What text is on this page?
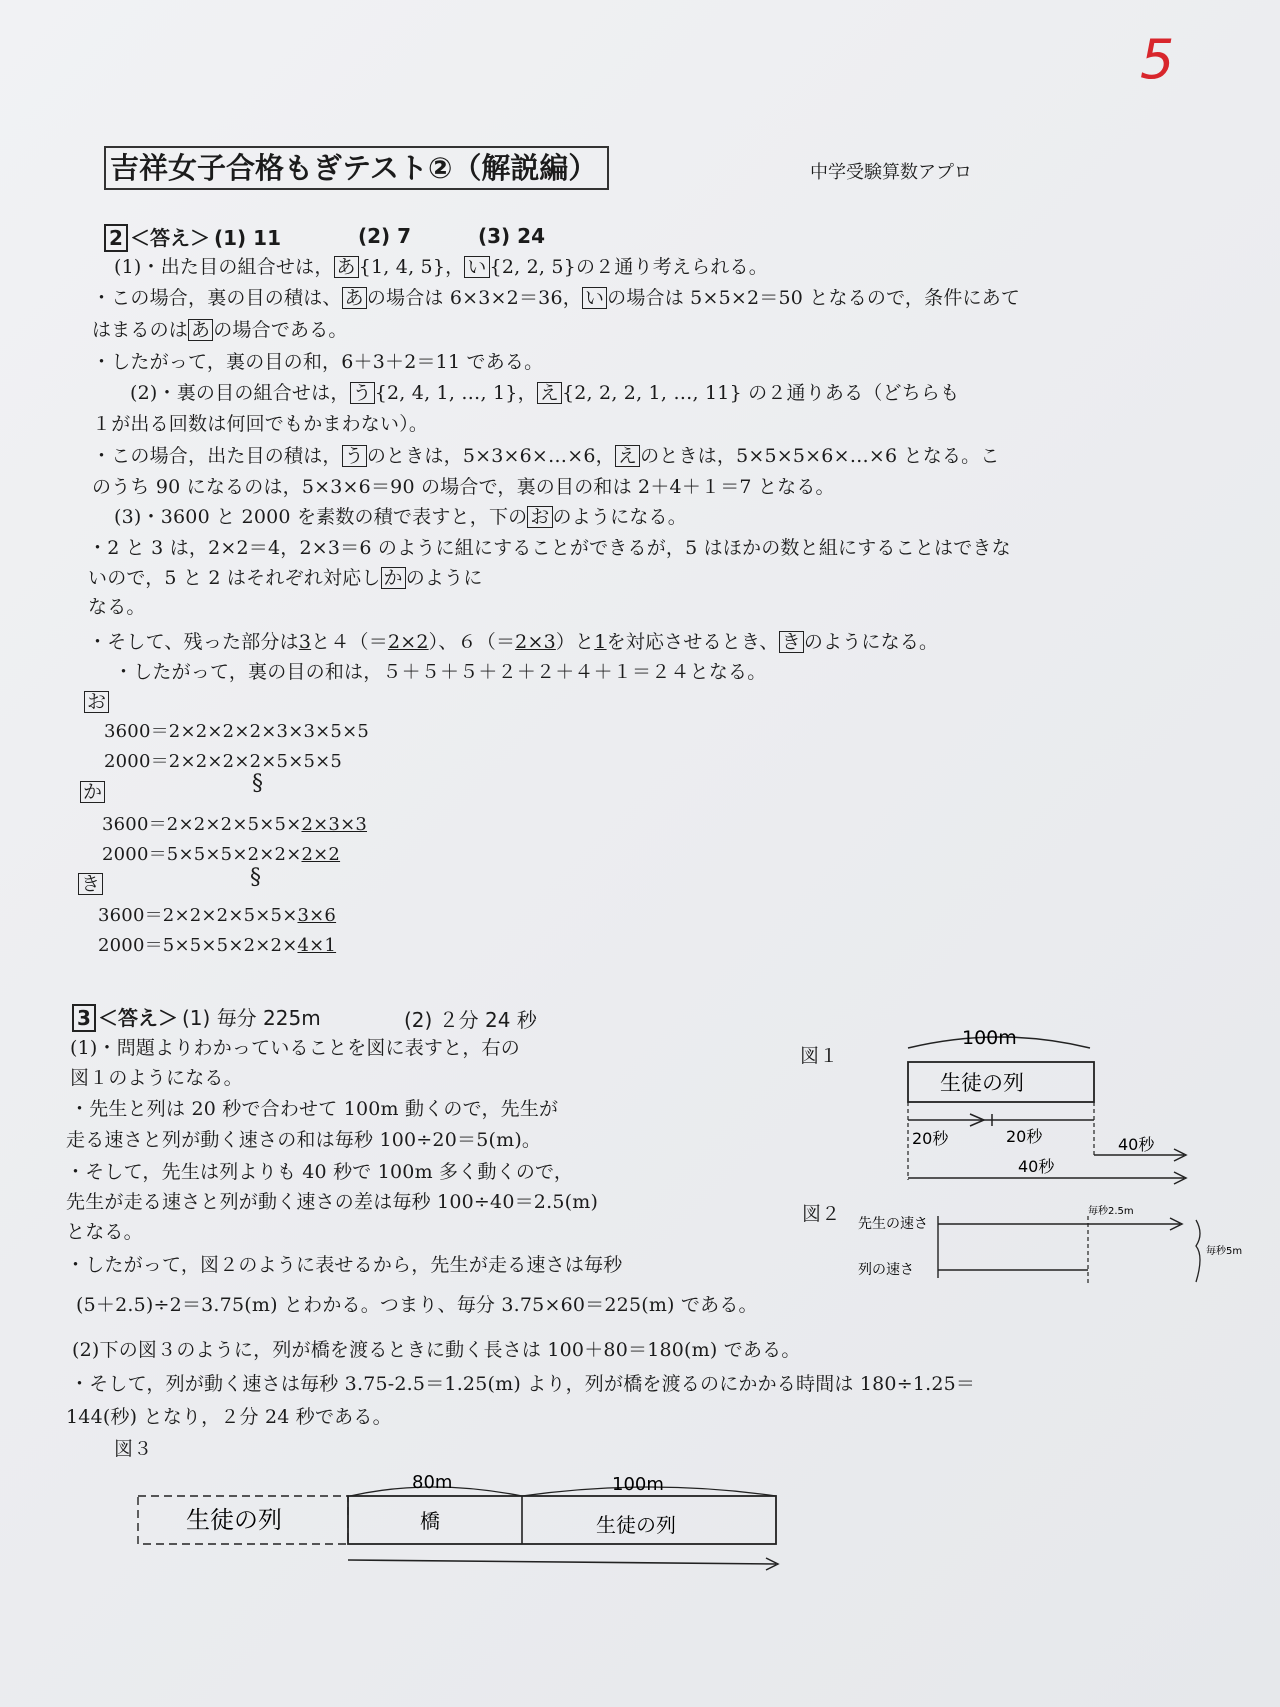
5
吉祥女子合格もぎテスト②（解説編）	中学受験算数アプロ
2 ＜答え＞ (1) 11	(2) 7	(3) 24
(1)・出た目の組合せは， あ {1, 4, 5}， い {2, 2, 5}の２通り考えられる。
・この場合，裏の目の積は、 あ の場合は 6×3×2＝36， い の場合は 5×5×2＝50 となるので，条件にあて
はまるのは あ の場合である。
・したがって，裏の目の和，6＋3＋2＝11 である。
(2)・裏の目の組合せは， う {2, 4, 1, …, 1}， え {2, 2, 2, 1, …, 11} の２通りある（どちらも
１が出る回数は何回でもかまわない）。
・この場合，出た目の積は， う のときは，5×3×6×…×6， え のときは，5×5×5×6×…×6 となる。こ
のうち 90 になるのは，5×3×6＝90 の場合で，裏の目の和は 2＋4＋１＝7 となる。
(3)・3600 と 2000 を素数の積で表すと，下の お のようになる。
・2 と 3 は，2×2＝4，2×3＝6 のように組にすることができるが，5 はほかの数と組にすることはできな
いので，5 と 2 はそれぞれ対応し か のように
なる。
・そして、残った部分は3と４（＝2×2）、６（＝2×3）と1を対応させるとき、 き のようになる。
・したがって，裏の目の和は，５＋５＋５＋２＋２＋４＋１＝２４となる。
お
3600＝2×2×2×2×3×3×5×5
2000＝2×2×2×2×5×5×5
か	§
3600＝2×2×2×5×5×2×3×3
2000＝5×5×5×2×2×2×2
き	§
3600＝2×2×2×5×5×3×6
2000＝5×5×5×2×2×4×1
3 ＜答え＞ (1) 毎分 225m	(2) ２分 24 秒
(1)・問題よりわかっていることを図に表すと，右の
図１のようになる。
・先生と列は 20 秒で合わせて 100m 動くので，先生が
走る速さと列が動く速さの和は毎秒 100÷20＝5(m)。
・そして，先生は列よりも 40 秒で 100m 多く動くので，
先生が走る速さと列が動く速さの差は毎秒 100÷40＝2.5(m)
となる。
・したがって，図２のように表せるから，先生が走る速さは毎秒
(5＋2.5)÷2＝3.75(m) とわかる。つまり、毎分 3.75×60＝225(m) である。
(2)下の図３のように，列が橋を渡るときに動く長さは 100＋80＝180(m) である。
・そして，列が動く速さは毎秒 3.75-2.5＝1.25(m) より，列が橋を渡るのにかかる時間は 180÷1.25＝
144(秒) となり，２分 24 秒である。
図１
100m
生徒の列
20秒	20秒	40秒
40秒
図２ 先生の速さ
列の速さ
毎秒2.5m
毎秒5m
図３
生徒の列	橋	生徒の列
80m	100m
